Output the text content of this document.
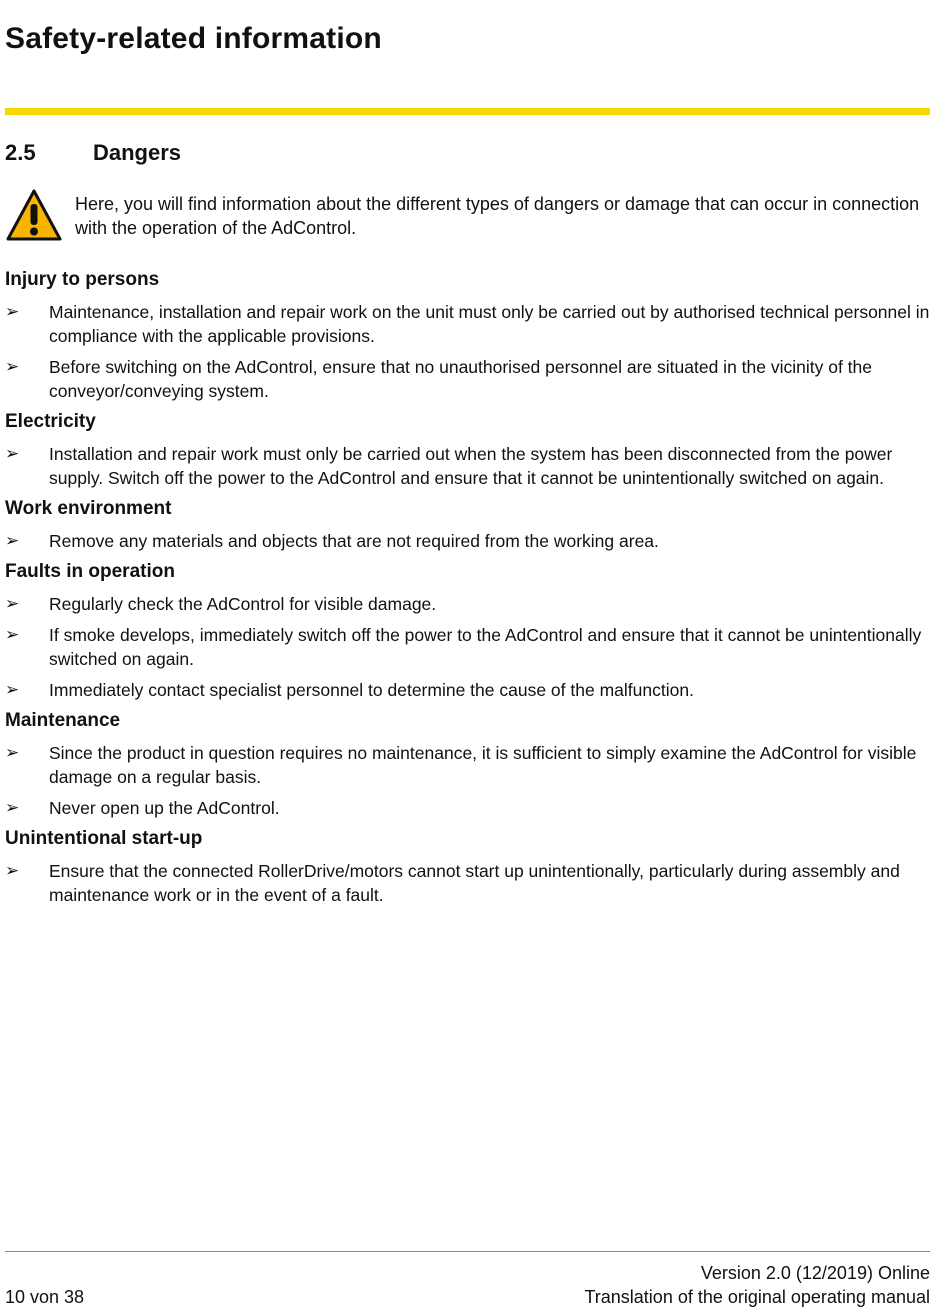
Safety-related information
2.5	Dangers

Here, you will find information about the different types of dangers or damage that can occur in connection with the operation of the AdControl.

Injury to persons
➢ Maintenance, installation and repair work on the unit must only be carried out by authorised technical personnel in compliance with the applicable provisions.
➢ Before switching on the AdControl, ensure that no unauthorised personnel are situated in the vicinity of the conveyor/conveying system.
Electricity
➢ Installation and repair work must only be carried out when the system has been disconnected from the power supply. Switch off the power to the AdControl and ensure that it cannot be unintentionally switched on again.
Work environment
➢ Remove any materials and objects that are not required from the working area.
Faults in operation
➢ Regularly check the AdControl for visible damage.
➢ If smoke develops, immediately switch off the power to the AdControl and ensure that it cannot be unintentionally switched on again.
➢ Immediately contact specialist personnel to determine the cause of the malfunction.
Maintenance
➢ Since the product in question requires no maintenance, it is sufficient to simply examine the AdControl for visible damage on a regular basis.
➢ Never open up the AdControl.
Unintentional start-up
➢ Ensure that the connected RollerDrive/motors cannot start up unintentionally, particularly during assembly and maintenance work or in the event of a fault.
10 von 38
Version 2.0 (12/2019) Online
Translation of the original operating manual
